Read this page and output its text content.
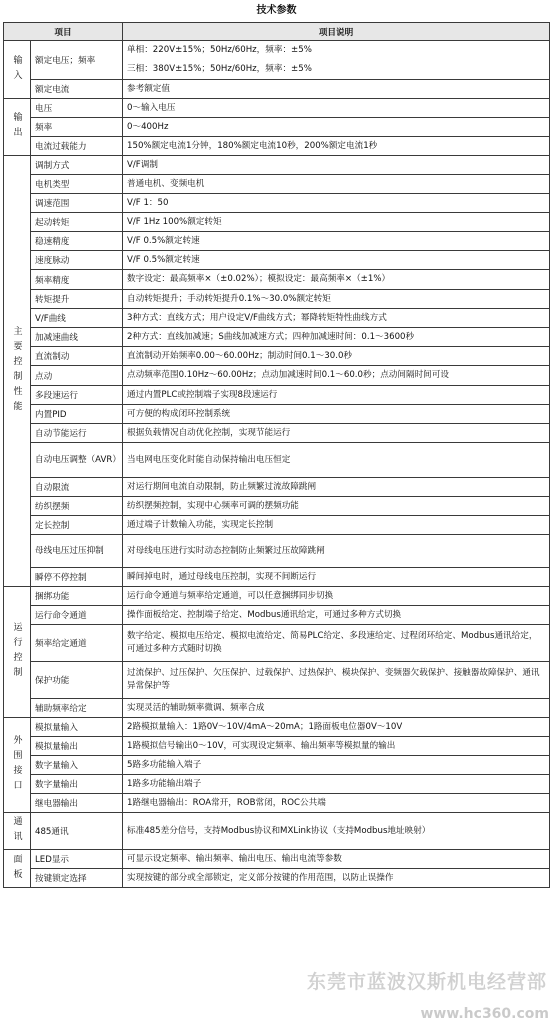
技术参数
项目		项目说明
输入	额定电压；频率	单相：220V±15%；50Hz/60Hz，频率：±5%
三相：380V±15%；50Hz/60Hz，频率：±5%

	额定电流	参考额定值
输出	电压	0～输入电压
	频率	0～400Hz
	电流过载能力	150%额定电流1分钟，180%额定电流10秒，200%额定电流1秒
主要控制性能	调制方式	V/F调制
	电机类型	普通电机、变频电机
	调速范围	V/F 1：50
	起动转矩	V/F 1Hz 100%额定转矩
	稳速精度	V/F 0.5%额定转速
	速度脉动	V/F 0.5%额定转速
	频率精度	数字设定：最高频率×（±0.02%）；模拟设定：最高频率×（±1%）
	转矩提升	自动转矩提升；手动转矩提升0.1%～30.0%额定转矩
	V/F曲线	3种方式：直线方式；用户设定V/F曲线方式；幂降转矩特性曲线方式
	加减速曲线	2种方式：直线加减速；S曲线加减速方式；四种加减速时间：0.1～3600秒
	直流制动	直流制动开始频率0.00～60.00Hz；制动时间0.1～30.0秒
	点动	点动频率范围0.10Hz～60.00Hz；点动加减速时间0.1～60.0秒；点动间隔时间可设
	多段速运行	通过内置PLC或控制端子实现8段速运行
	内置PID	可方便的构成闭环控制系统
	自动节能运行	根据负载情况自动优化控制，实现节能运行
	自动电压调整（AVR）	当电网电压变化时能自动保持输出电压恒定
	自动限流	对运行期间电流自动限制，防止频繁过流故障跳闸
	纺织摆频	纺织摆频控制，实现中心频率可调的摆频功能
	定长控制	通过端子计数输入功能，实现定长控制
	母线电压过压抑制	对母线电压进行实时动态控制防止频繁过压故障跳闸
	瞬停不停控制	瞬间掉电时，通过母线电压控制，实现不间断运行
运行控制	捆绑功能	运行命令通道与频率给定通道，可以任意捆绑同步切换
	运行命令通道	操作面板给定、控制端子给定、Modbus通讯给定，可通过多种方式切换
	频率给定通道	数字给定、模拟电压给定、模拟电流给定、简易PLC给定、多段速给定、过程闭环给定、Modbus通讯给定，可通过多种方式随时切换
	保护功能	过流保护、过压保护、欠压保护、过载保护、过热保护、模块保护、变频器欠载保护、接触器故障保护、通讯异常保护等
	辅助频率给定	实现灵活的辅助频率微调、频率合成
外围接口	模拟量输入	2路模拟量输入：1路0V～10V/4mA～20mA；1路面板电位器0V～10V
	模拟量输出	1路模拟信号输出0～10V，可实现设定频率、输出频率等模拟量的输出
	数字量输入	5路多功能输入端子
	数字量输出	1路多功能输出端子
	继电器输出	1路继电器输出：ROA常开，ROB常闭，ROC公共端
通讯	485通讯	标准485差分信号，支持Modbus协议和MXLink协议（支持Modbus地址映射）
面板	LED显示	可显示设定频率、输出频率、输出电压、输出电流等参数
	按键锁定选择	实现按键的部分或全部锁定，定义部分按键的作用范围，以防止误操作
东莞市蓝波汉斯机电经营部
www.hc360.com
